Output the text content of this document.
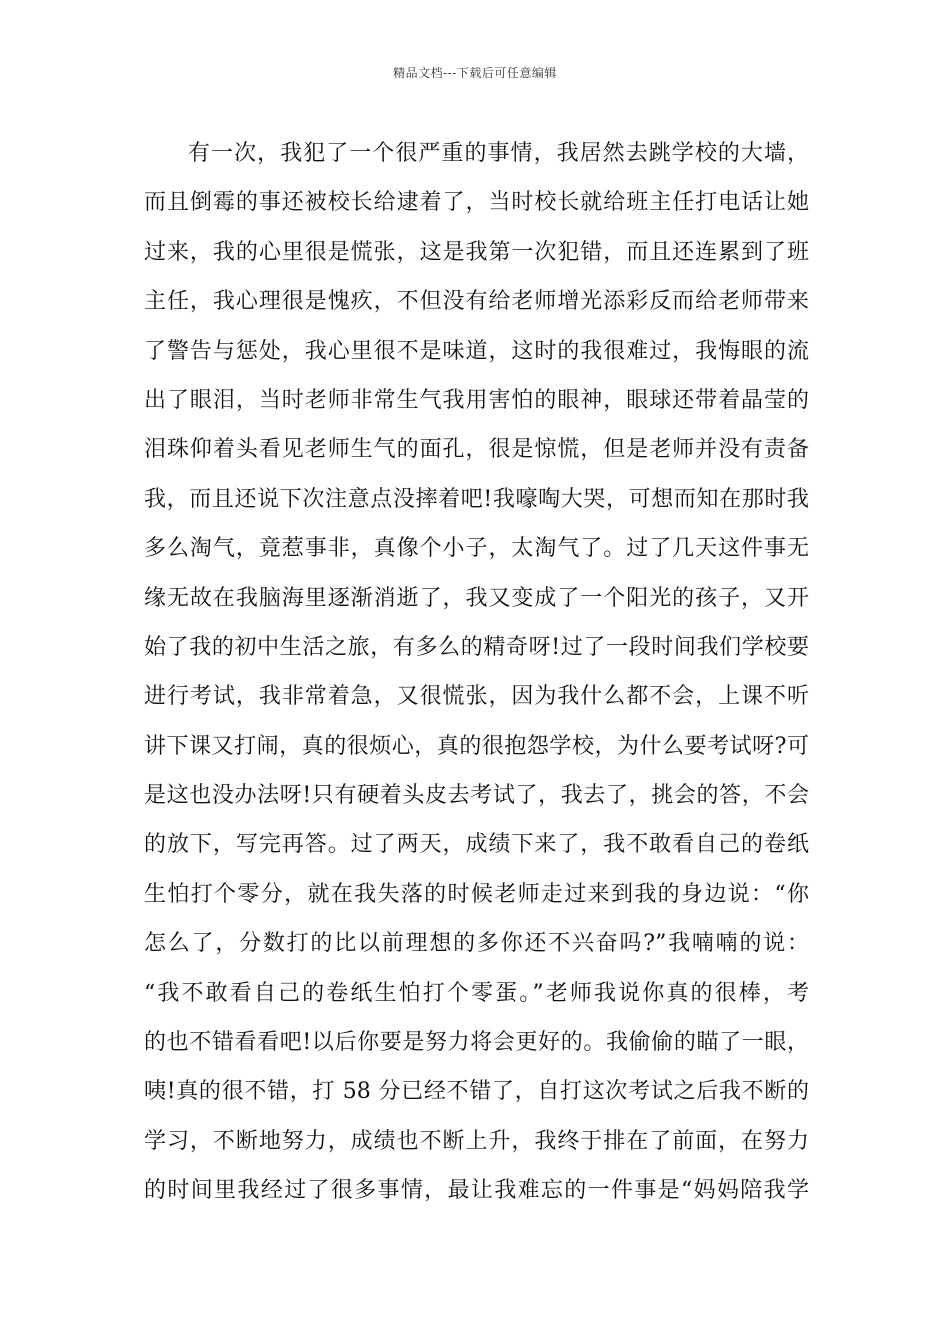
精品文档---下载后可任意编辑
有一次，我犯了一个很严重的事情，我居然去跳学校的大墙，
而且倒霉的事还被校长给逮着了，当时校长就给班主任打电话让她
过来，我的心里很是慌张，这是我第一次犯错，而且还连累到了班
主任，我心理很是愧疚，不但没有给老师增光添彩反而给老师带来
了警告与惩处，我心里很不是味道，这时的我很难过，我悔眼的流
出了眼泪，当时老师非常生气我用害怕的眼神，眼球还带着晶莹的
泪珠仰着头看见老师生气的面孔，很是惊慌，但是老师并没有责备
我，而且还说下次注意点没摔着吧!我嚎啕大哭，可想而知在那时我
多么淘气，竟惹事非，真像个小子，太淘气了。过了几天这件事无
缘无故在我脑海里逐渐消逝了，我又变成了一个阳光的孩子，又开
始了我的初中生活之旅，有多么的精奇呀!过了一段时间我们学校要
进行考试，我非常着急，又很慌张，因为我什么都不会，上课不听
讲下课又打闹，真的很烦心，真的很抱怨学校，为什么要考试呀?可
是这也没办法呀!只有硬着头皮去考试了，我去了，挑会的答，不会
的放下，写完再答。过了两天，成绩下来了，我不敢看自己的卷纸
生怕打个零分，就在我失落的时候老师走过来到我的身边说：“你
怎么了，分数打的比以前理想的多你还不兴奋吗?”我喃喃的说：
“我不敢看自己的卷纸生怕打个零蛋。”老师我说你真的很棒，考
的也不错看看吧!以后你要是努力将会更好的。我偷偷的瞄了一眼，
咦!真的很不错，打 58 分已经不错了，自打这次考试之后我不断的
学习，不断地努力，成绩也不断上升，我终于排在了前面，在努力
的时间里我经过了很多事情，最让我难忘的一件事是“妈妈陪我学
